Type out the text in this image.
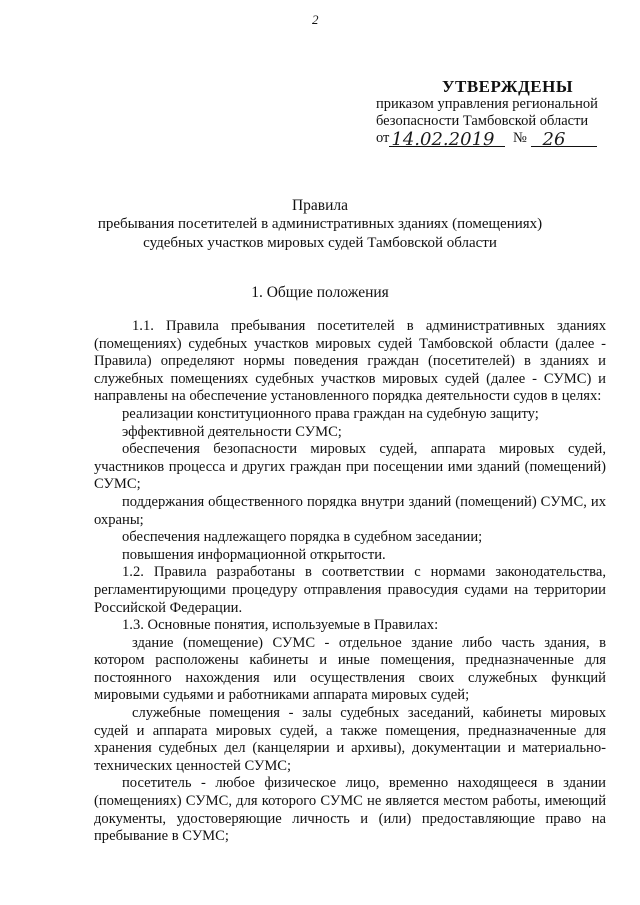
2
УТВЕРЖДЕНЫ
приказом управления региональной
безопасности Тамбовской области
от 14.02.2019 № 26
Правила
пребывания посетителей в административных зданиях (помещениях)
судебных участков мировых судей Тамбовской области
1. Общие положения

1.1. Правила пребывания посетителей в административных зданиях (помещениях) судебных участков мировых судей Тамбовской области (далее - Правила) определяют нормы поведения граждан (посетителей) в зданиях и служебных помещениях судебных участков мировых судей (далее - СУМС) и направлены на обеспечение установленного порядка деятельности судов в целях:

реализации конституционного права граждан на судебную защиту;

эффективной деятельности СУМС;

обеспечения безопасности мировых судей, аппарата мировых судей, участников процесса и других граждан при посещении ими зданий (помещений) СУМС;

поддержания общественного порядка внутри зданий (помещений) СУМС, их охраны;

обеспечения надлежащего порядка в судебном заседании;

повышения информационной открытости.

1.2. Правила разработаны в соответствии с нормами законодательства, регламентирующими процедуру отправления правосудия судами на территории Российской Федерации.

1.3. Основные понятия, используемые в Правилах:

здание (помещение) СУМС - отдельное здание либо часть здания, в котором расположены кабинеты и иные помещения, предназначенные для постоянного нахождения или осуществления своих служебных функций мировыми судьями и работниками аппарата мировых судей;

служебные помещения - залы судебных заседаний, кабинеты мировых судей и аппарата мировых судей, а также помещения, предназначенные для хранения судебных дел (канцелярии и архивы), документации и материально-технических ценностей СУМС;

посетитель - любое физическое лицо, временно находящееся в здании (помещениях) СУМС, для которого СУМС не является местом работы, имеющий документы, удостоверяющие личность и (или) предоставляющие право на пребывание в СУМС;
